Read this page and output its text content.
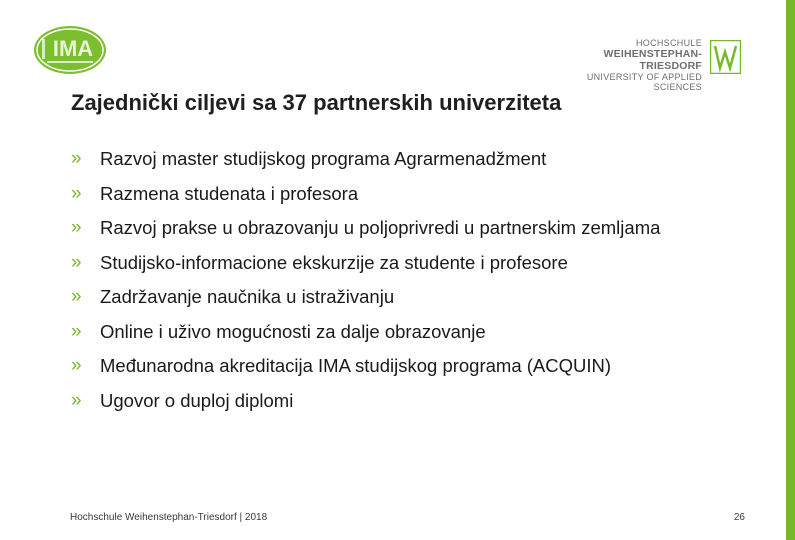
IMA	HOCHSCHULE
WEIHENSTEPHAN-TRIESDORF
UNIVERSITY OF APPLIED SCIENCES
Zajednički ciljevi sa 37 partnerskih univerziteta
» Razvoj master studijskog programa Agrarmenadžment
» Razmena studenata i profesora
» Razvoj prakse u obrazovanju u poljoprivredi u partnerskim zemljama
» Studijsko-informacione ekskurzije za studente i profesore
» Zadržavanje naučnika u istraživanju
» Online i uživo mogućnosti za dalje obrazovanje
» Međunarodna akreditacija IMA studijskog programa (ACQUIN)
» Ugovor o duploj diplomi
Hochschule Weihenstephan-Triesdorf | 2018	26
